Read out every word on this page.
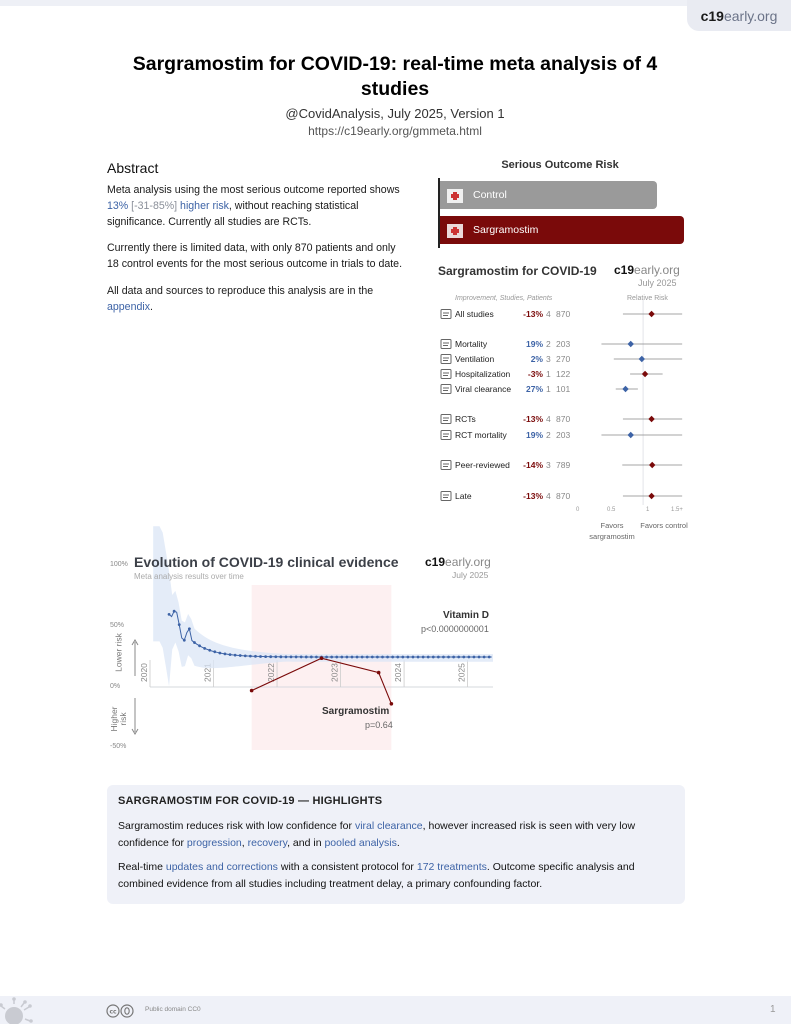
c19early.org
Sargramostim for COVID-19: real-time meta analysis of 4 studies
@CovidAnalysis, July 2025, Version 1
https://c19early.org/gmmeta.html
Abstract

Meta analysis using the most serious outcome reported shows 13% [-31-85%] higher risk, without reaching statistical significance. Currently all studies are RCTs.

Currently there is limited data, with only 870 patients and only 18 control events for the most serious outcome in trials to date.

All data and sources to reproduce this analysis are in the appendix.

Serious Outcome Risk
Control
Sargramostim
Sargramostim for COVID-19 c19early.org
July 2025
Improvement, Studies, Patients	Relative Risk
All studies	-13% 4 870
Mortality	19% 2 203
Ventilation	2% 3 270
Hospitalization	-3% 1 122
Viral clearance	27% 1 101
RCTs	-13% 4 870
RCT mortality	19% 2 203
Peer-reviewed	-14% 3 789
Late	-13% 4 870
0	0.5	1	1.5+
Favors sargramostim
Favors control
2020	2021	2022	2023	2024	2025
Evolution of COVID-19 clinical evidence
Meta analysis results over time
c19early.org
July 2025
100%
50%
0%
-50%
Lower risk
Higher risk
Vitamin D
p<0.0000000001
Sargramostim
p=0.64
SARGRAMOSTIM FOR COVID-19 — HIGHLIGHTS
Sargramostim reduces risk with low confidence for viral clearance, however increased risk is seen with very low confidence for progression, recovery, and in pooled analysis.
Real-time updates and corrections with a consistent protocol for 172 treatments. Outcome specific analysis and combined evidence from all studies including treatment delay, a primary confounding factor.
cc	Public domain CC0	1
